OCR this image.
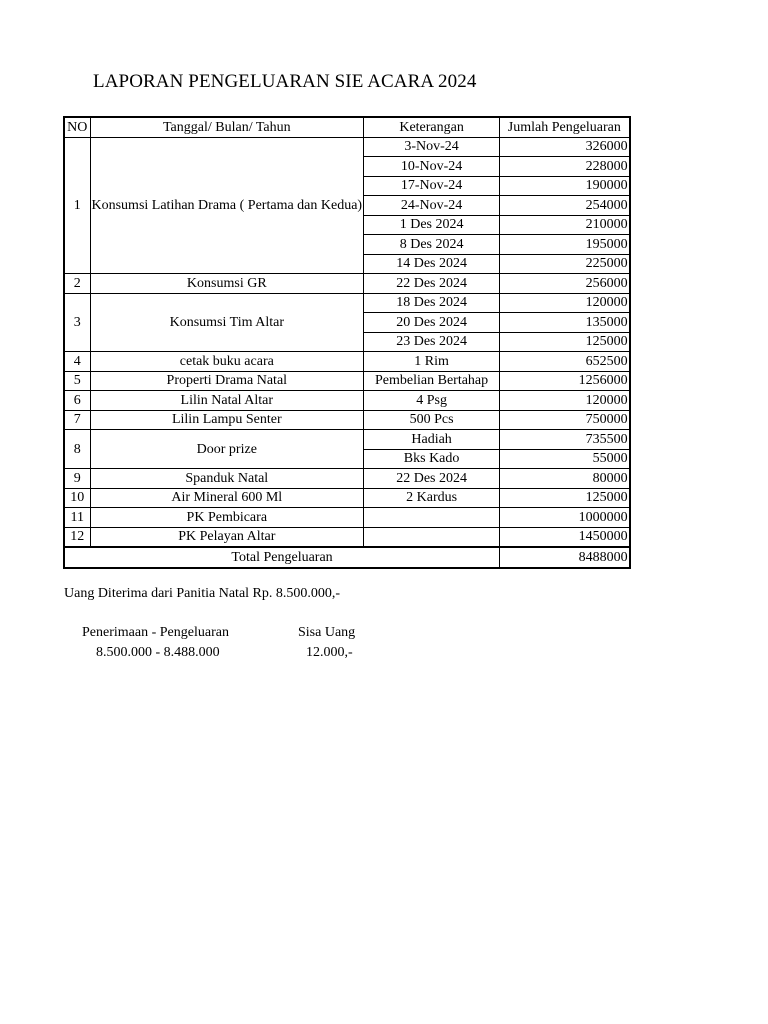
LAPORAN PENGELUARAN SIE ACARA 2024
NO	Tanggal/ Bulan/ Tahun	Keterangan	Jumlah Pengeluaran
1	Konsumsi Latihan Drama ( Pertama dan Kedua)	3-Nov-24	326000
		10-Nov-24	228000
		17-Nov-24	190000
		24-Nov-24	254000
		1 Des 2024	210000
		8 Des 2024	195000
		14 Des 2024	225000
2	Konsumsi GR	22 Des 2024	256000
3	Konsumsi Tim Altar	18 Des 2024	120000
		20 Des 2024	135000
		23 Des 2024	125000
4	cetak buku acara	1 Rim	652500
5	Properti Drama Natal	Pembelian Bertahap	1256000
6	Lilin Natal Altar	4 Psg	120000
7	Lilin Lampu Senter	500 Pcs	750000
8	Door prize	Hadiah	735500
		Bks Kado	55000
9	Spanduk Natal	22 Des 2024	80000
10	Air Mineral 600 Ml	2 Kardus	125000
11	PK Pembicara		1000000
12	PK Pelayan Altar		1450000
Total Pengeluaran			8488000
Uang Diterima dari Panitia Natal Rp. 8.500.000,-
Penerimaan - Pengeluaran
8.500.000 - 8.488.000
Sisa Uang
12.000,-
